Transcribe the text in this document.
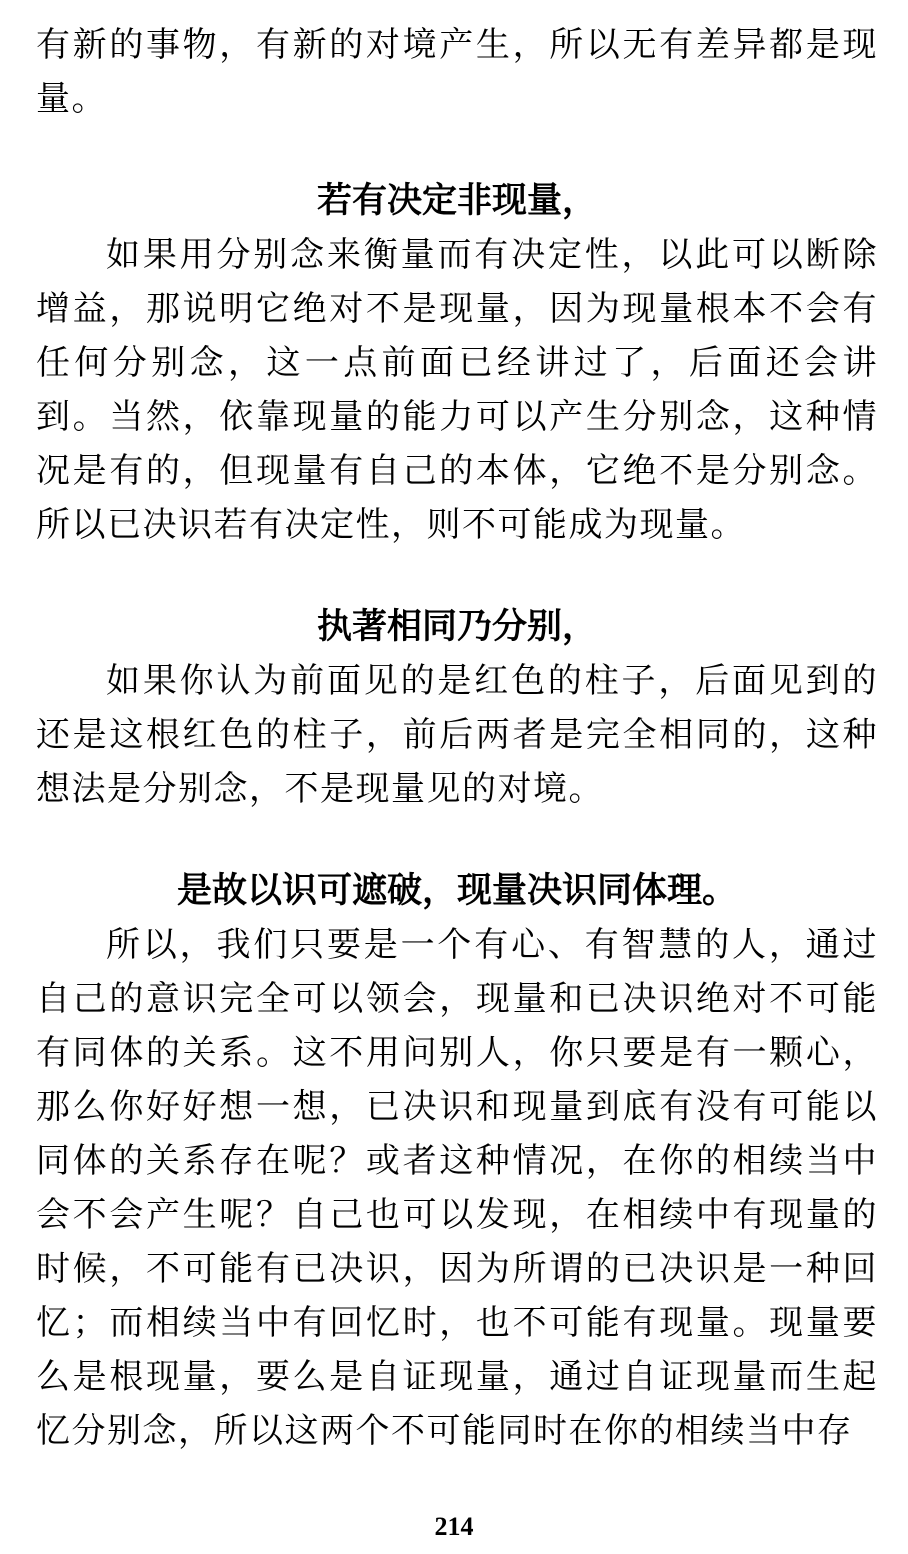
有新的事物，有新的对境产生，所以无有差异都是现量。

若有决定非现量，

如果用分别念来衡量而有决定性，以此可以断除增益，那说明它绝对不是现量，因为现量根本不会有任何分别念，这一点前面已经讲过了，后面还会讲到。当然，依靠现量的能力可以产生分别念，这种情况是有的，但现量有自己的本体，它绝不是分别念。所以已决识若有决定性，则不可能成为现量。

执著相同乃分别，

如果你认为前面见的是红色的柱子，后面见到的还是这根红色的柱子，前后两者是完全相同的，这种想法是分别念，不是现量见的对境。

是故以识可遮破，现量决识同体理。

所以，我们只要是一个有心、有智慧的人，通过自己的意识完全可以领会，现量和已决识绝对不可能有同体的关系。这不用问别人，你只要是有一颗心，那么你好好想一想，已决识和现量到底有没有可能以同体的关系存在呢？或者这种情况，在你的相续当中会不会产生呢？自己也可以发现，在相续中有现量的时候，不可能有已决识，因为所谓的已决识是一种回忆；而相续当中有回忆时，也不可能有现量。现量要么是根现量，要么是自证现量，通过自证现量而生起忆分别念，所以这两个不可能同时在你的相续当中存

214
